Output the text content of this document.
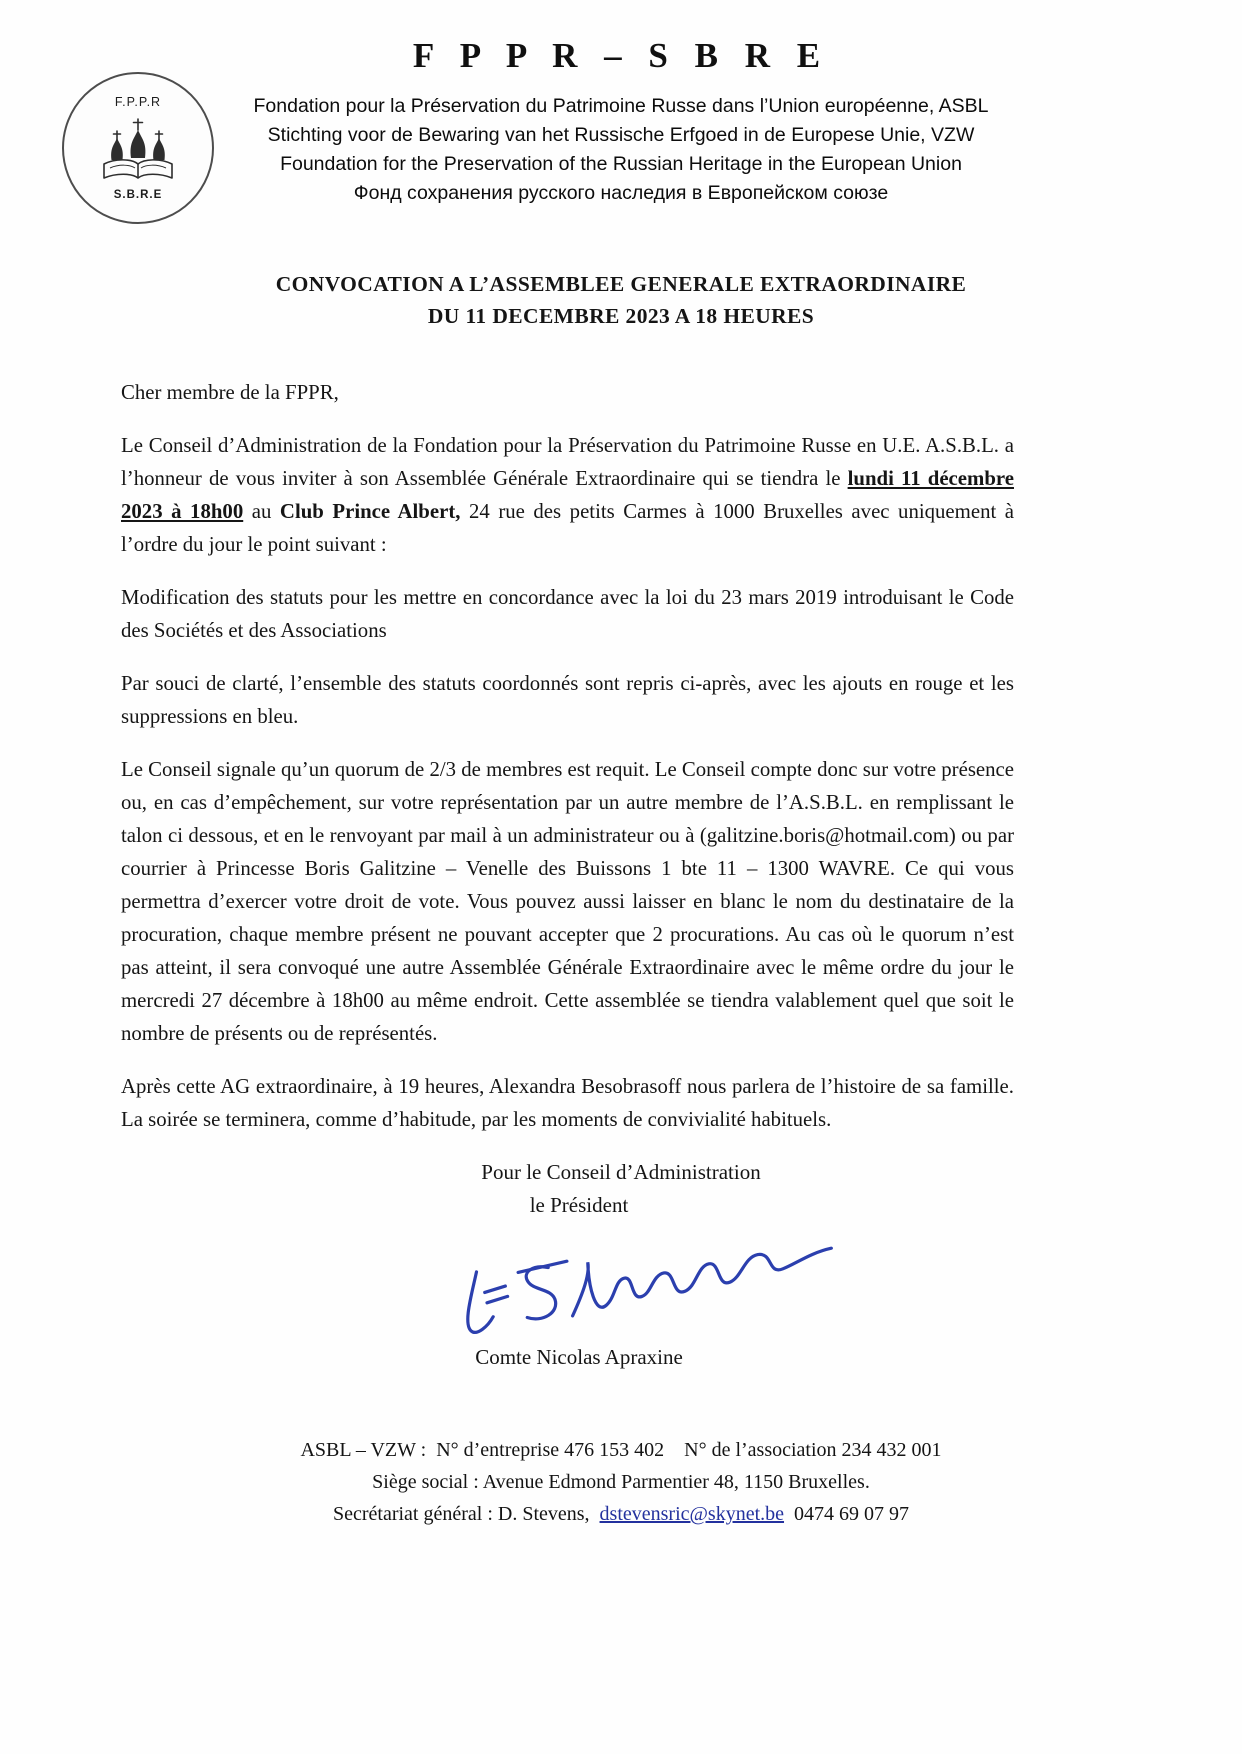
F.P.P.R
S.B.R.E
F P P R – S B R E
Fondation pour la Préservation du Patrimoine Russe dans l’Union européenne, ASBL
Stichting voor de Bewaring van het Russische Erfgoed in de Europese Unie, VZW
Foundation for the Preservation of the Russian Heritage in the European Union
Фонд сохранения русского наследия в Европейском союзе
CONVOCATION A L’ASSEMBLEE GENERALE EXTRAORDINAIRE
DU 11 DECEMBRE 2023 A 18 HEURES

Cher membre de la FPPR,

Le Conseil d’Administration de la Fondation pour la Préservation du Patrimoine Russe en U.E. A.S.B.L. a l’honneur de vous inviter à son Assemblée Générale Extraordinaire qui se tiendra le lundi 11 décembre 2023 à 18h00 au Club Prince Albert, 24 rue des petits Carmes à 1000 Bruxelles avec uniquement à l’ordre du jour le point suivant :

Modification des statuts pour les mettre en concordance avec la loi du 23 mars 2019 introduisant le Code des Sociétés et des Associations

Par souci de clarté, l’ensemble des statuts coordonnés sont repris ci-après, avec les ajouts en rouge et les suppressions en bleu.

Le Conseil signale qu’un quorum de 2/3 de membres est requit. Le Conseil compte donc sur votre présence ou, en cas d’empêchement, sur votre représentation par un autre membre de l’A.S.B.L. en remplissant le talon ci dessous, et en le renvoyant par mail à un administrateur ou à (galitzine.boris@hotmail.com) ou par courrier à Princesse Boris Galitzine – Venelle des Buissons 1 bte 11 – 1300 WAVRE. Ce qui vous permettra d’exercer votre droit de vote. Vous pouvez aussi laisser en blanc le nom du destinataire de la procuration, chaque membre présent ne pouvant accepter que 2 procurations. Au cas où le quorum n’est pas atteint, il sera convoqué une autre Assemblée Générale Extraordinaire avec le même ordre du jour le mercredi 27 décembre à 18h00 au même endroit. Cette assemblée se tiendra valablement quel que soit le nombre de présents ou de représentés.

Après cette AG extraordinaire, à 19 heures, Alexandra Besobrasoff nous parlera de l’histoire de sa famille. La soirée se terminera, comme d’habitude, par les moments de convivialité habituels.

Pour le Conseil d’Administration
le Président
Comte Nicolas Apraxine
ASBL – VZW :  N° d’entreprise 476 153 402    N° de l’association 234 432 001
Siège social : Avenue Edmond Parmentier 48, 1150 Bruxelles.
Secrétariat général : D. Stevens,  dstevensric@skynet.be  0474 69 07 97
